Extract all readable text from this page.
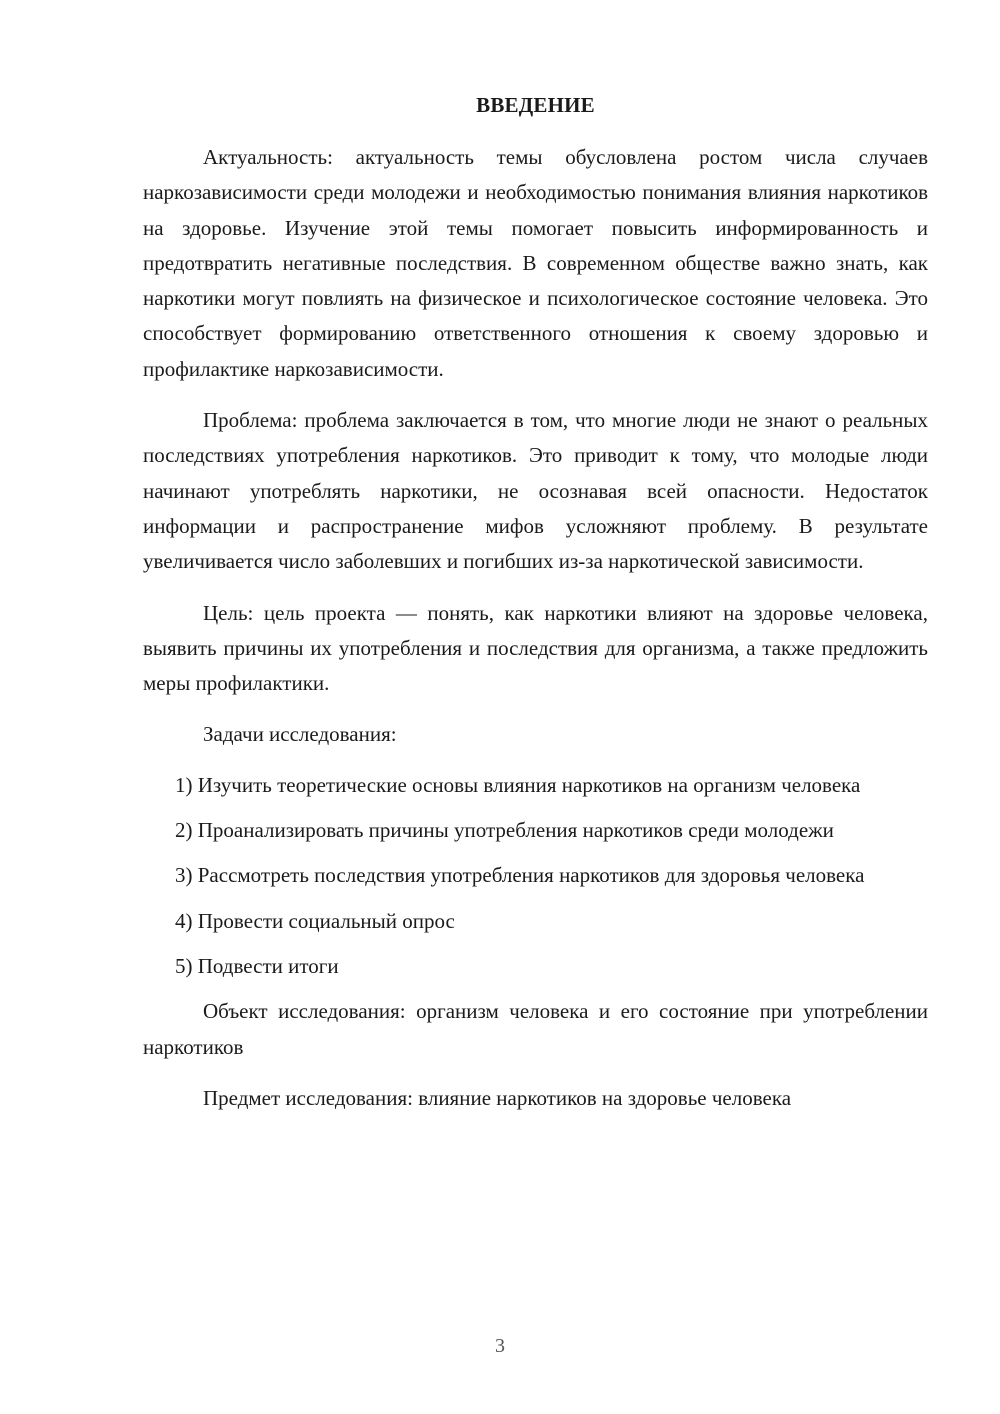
ВВЕДЕНИЕ

Актуальность: актуальность темы обусловлена ростом числа случаев наркозависимости среди молодежи и необходимостью понимания влияния наркотиков на здоровье. Изучение этой темы помогает повысить информированность и предотвратить негативные последствия. В современном обществе важно знать, как наркотики могут повлиять на физическое и психологическое состояние человека. Это способствует формированию ответственного отношения к своему здоровью и профилактике наркозависимости.

Проблема: проблема заключается в том, что многие люди не знают о реальных последствиях употребления наркотиков. Это приводит к тому, что молодые люди начинают употреблять наркотики, не осознавая всей опасности. Недостаток информации и распространение мифов усложняют проблему. В результате увеличивается число заболевших и погибших из-за наркотической зависимости.

Цель: цель проекта — понять, как наркотики влияют на здоровье человека, выявить причины их употребления и последствия для организма, а также предложить меры профилактики.

Задачи исследования:

1) Изучить теоретические основы влияния наркотиков на организм человека

2) Проанализировать причины употребления наркотиков среди молодежи

3) Рассмотреть последствия употребления наркотиков для здоровья человека

4) Провести социальный опрос

5) Подвести итоги

Объект исследования: организм человека и его состояние при употреблении наркотиков

Предмет исследования: влияние наркотиков на здоровье человека

3
